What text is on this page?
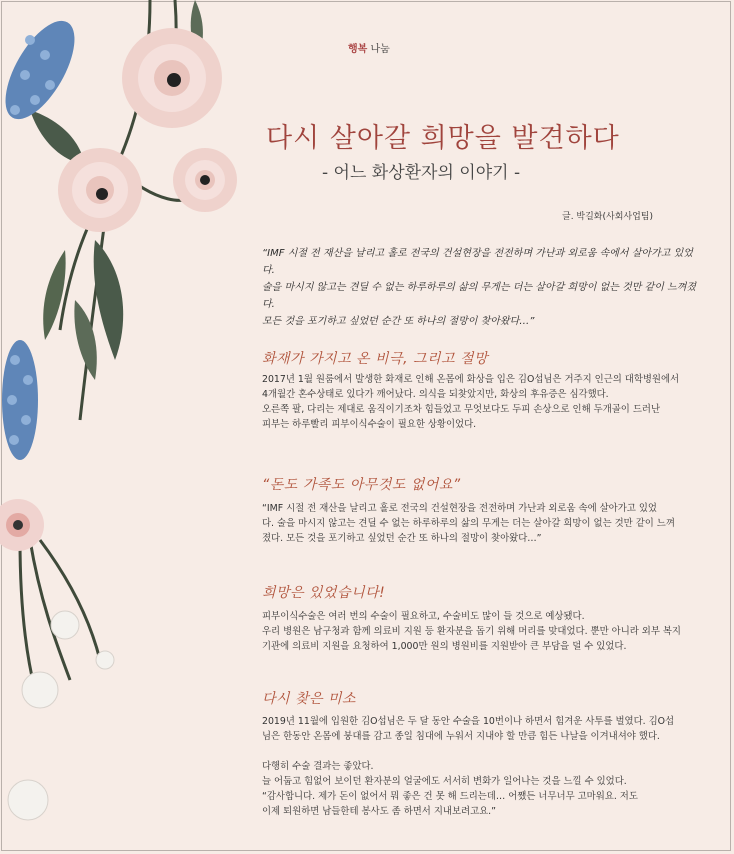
행복 나눔
다시 살아갈 희망을 발견하다
- 어느 화상환자의 이야기 -
글. 박길화(사회사업팀)

“IMF 시절 전 재산을 날리고 홀로 전국의 건설현장을 전전하며 가난과 외로움 속에서 살아가고 있었다.

술을 마시지 않고는 견딜 수 없는 하루하루의 삶의 무게는 더는 살아갈 희망이 없는 것만 같이 느껴졌다.

모든 것을 포기하고 싶었던 순간 또 하나의 절망이 찾아왔다…”

화재가 가지고 온 비극, 그리고 절망

2017년 1월 원룸에서 발생한 화재로 인해 온몸에 화상을 입은 김O섭님은 거주지 인근의 대학병원에서

4개월간 혼수상태로 있다가 깨어났다. 의식을 되찾았지만, 화상의 후유증은 심각했다.

오른쪽 팔, 다리는 제대로 움직이기조차 힘들었고 무엇보다도 두피 손상으로 인해 두개골이 드러난

피부는 하루빨리 피부이식수술이 필요한 상황이었다.

“돈도 가족도 아무것도 없어요”

“IMF 시절 전 재산을 날리고 홀로 전국의 건설현장을 전전하며 가난과 외로움 속에 살아가고 있었

다. 술을 마시지 않고는 견딜 수 없는 하루하루의 삶의 무게는 더는 살아갈 희망이 없는 것만 같이 느껴

졌다. 모든 것을 포기하고 싶었던 순간 또 하나의 절망이 찾아왔다…”

희망은 있었습니다!

피부이식수술은 여러 번의 수술이 필요하고, 수술비도 많이 들 것으로 예상됐다.

우리 병원은 남구청과 함께 의료비 지원 등 환자분을 돕기 위해 머리를 맞대었다. 뿐만 아니라 외부 복지

기관에 의료비 지원을 요청하여 1,000만 원의 병원비를 지원받아 큰 부담을 덜 수 있었다.

다시 찾은 미소

2019년 11월에 입원한 김O섭님은 두 달 동안 수술을 10번이나 하면서 힘겨운 사투를 벌였다. 김O섭

님은 한동안 온몸에 붕대를 감고 종일 침대에 누워서 지내야 할 만큼 힘든 나날을 이겨내셔야 했다.

다행히 수술 결과는 좋았다.

늘 어둡고 힘없어 보이던 환자분의 얼굴에도 서서히 변화가 일어나는 것을 느낄 수 있었다.

“감사합니다. 제가 돈이 없어서 뭐 좋은 건 못 해 드리는데… 어쨌든 너무너무 고마워요. 저도

이제 퇴원하면 남들한테 봉사도 좀 하면서 지내보려고요.”
